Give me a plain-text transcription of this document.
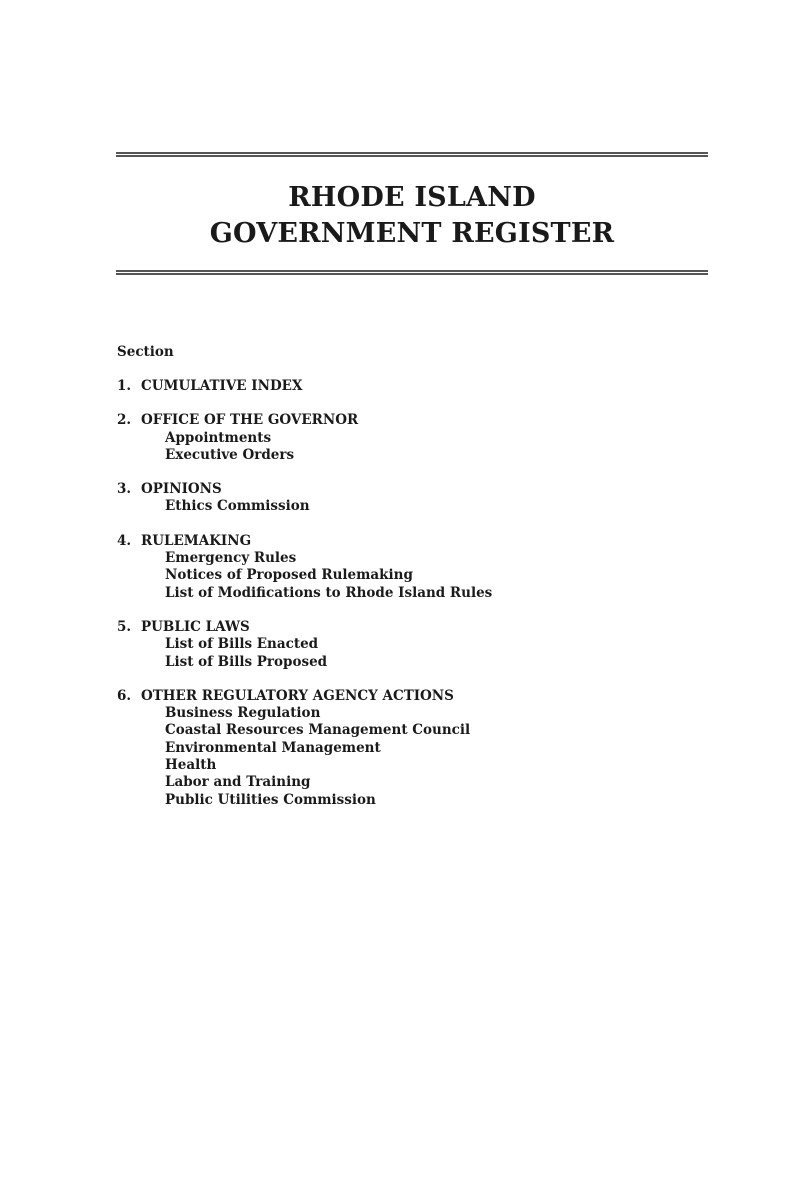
RHODE ISLAND
GOVERNMENT REGISTER
Section
1. CUMULATIVE INDEX
2. OFFICE OF THE GOVERNOR
Appointments
Executive Orders
3. OPINIONS
Ethics Commission
4. RULEMAKING
Emergency Rules
Notices of Proposed Rulemaking
List of Modifications to Rhode Island Rules
5. PUBLIC LAWS
List of Bills Enacted
List of Bills Proposed
6. OTHER REGULATORY AGENCY ACTIONS
Business Regulation
Coastal Resources Management Council
Environmental Management
Health
Labor and Training
Public Utilities Commission
